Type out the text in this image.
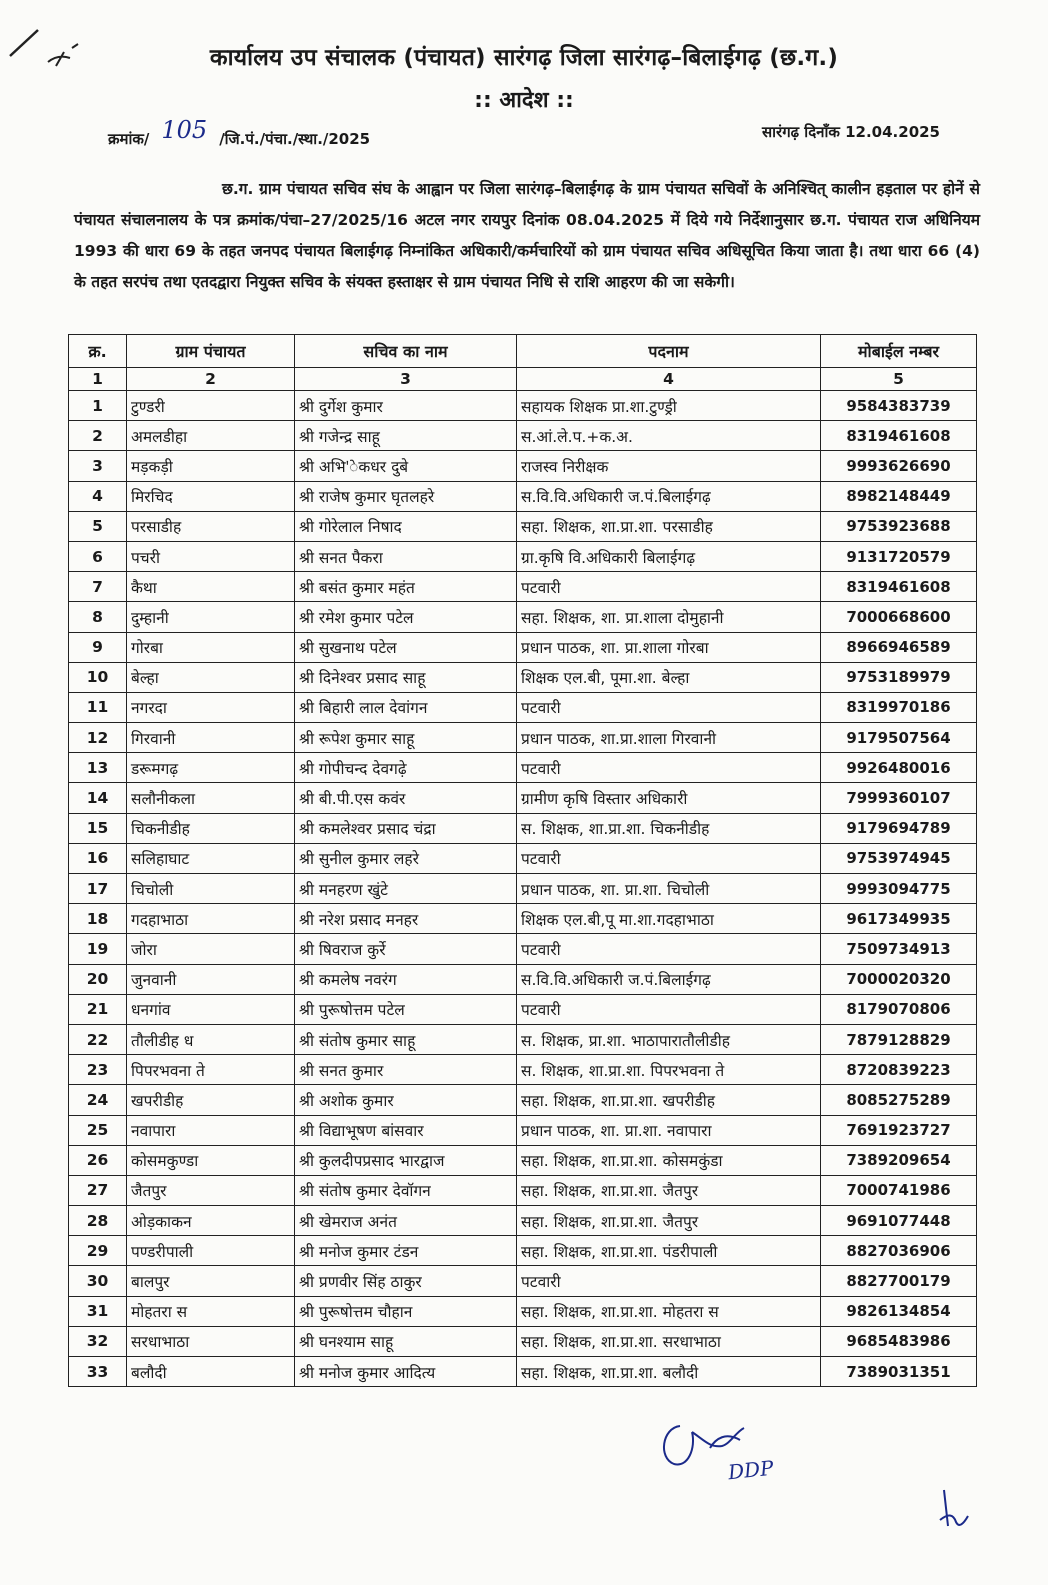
कार्यालय उप संचालक (पंचायत) सारंगढ़ जिला सारंगढ़–बिलाईगढ़ (छ.ग.)
:: आदेश ::
क्रमांक/ 105 /जि.पं./पंचा./स्था./2025	सारंगढ़ दिनाँक 12.04.2025
छ.ग. ग्राम पंचायत सचिव संघ के आह्वान पर जिला सारंगढ़–बिलाईगढ़ के ग्राम पंचायत सचिवों के अनिश्चित् कालीन हड़ताल पर होनें से पंचायत संचालनालय के पत्र क्रमांक/पंचा–27/2025/16 अटल नगर रायपुर दिनांक 08.04.2025 में दिये गये निर्देशानुसार छ.ग. पंचायत राज अधिनियम 1993 की धारा 69 के तहत जनपद पंचायत बिलाईगढ़ निम्नांकित अधिकारी/कर्मचारियों को ग्राम पंचायत सचिव अधिसूचित किया जाता है। तथा धारा 66 (4) के तहत सरपंच तथा एतदद्वारा नियुक्त सचिव के संयक्त हस्ताक्षर से ग्राम पंचायत निधि से राशि आहरण की जा सकेगी।
क्र.	ग्राम पंचायत	सचिव का नाम	पदनाम	मोबाईल नम्बर
1	2	3	4	5
1	टुण्डरी	श्री दुर्गेश कुमार	सहायक शिक्षक प्रा.शा.टुण्ड्री	9584383739
2	अमलडीहा	श्री गजेन्द्र साहू	स.आं.ले.प.+क.अ.	8319461608
3	मड़कड़ी	श्री अभि'ेकधर दुबे	राजस्व निरीक्षक	9993626690
4	मिरचिद	श्री राजेष कुमार घृतलहरे	स.वि.वि.अधिकारी ज.पं.बिलाईगढ़	8982148449
5	परसाडीह	श्री गोरेलाल निषाद	सहा. शिक्षक, शा.प्रा.शा. परसाडीह	9753923688
6	पचरी	श्री सनत पैकरा	ग्रा.कृषि वि.अधिकारी बिलाईगढ़	9131720579
7	कैथा	श्री बसंत कुमार महंत	पटवारी	8319461608
8	दुम्हानी	श्री रमेश कुमार पटेल	सहा. शिक्षक, शा. प्रा.शाला दोमुहानी	7000668600
9	गोरबा	श्री सुखनाथ पटेल	प्रधान पाठक, शा. प्रा.शाला गोरबा	8966946589
10	बेल्हा	श्री दिनेश्वर प्रसाद साहू	शिक्षक एल.बी, पूमा.शा. बेल्हा	9753189979
11	नगरदा	श्री बिहारी लाल देवांगन	पटवारी	8319970186
12	गिरवानी	श्री रूपेश कुमार साहू	प्रधान पाठक, शा.प्रा.शाला गिरवानी	9179507564
13	डरूमगढ़	श्री गोपीचन्द देवगढ़े	पटवारी	9926480016
14	सलौनीकला	श्री बी.पी.एस कवंर	ग्रामीण कृषि विस्तार अधिकारी	7999360107
15	चिकनीडीह	श्री कमलेश्वर प्रसाद चंद्रा	स. शिक्षक, शा.प्रा.शा. चिकनीडीह	9179694789
16	सलिहाघाट	श्री सुनील कुमार लहरे	पटवारी	9753974945
17	चिचोली	श्री मनहरण खुंटे	प्रधान पाठक, शा. प्रा.शा. चिचोली	9993094775
18	गदहाभाठा	श्री नरेश प्रसाद मनहर	शिक्षक एल.बी,पू मा.शा.गदहाभाठा	9617349935
19	जोरा	श्री षिवराज कुर्रे	पटवारी	7509734913
20	जुनवानी	श्री कमलेष नवरंग	स.वि.वि.अधिकारी ज.पं.बिलाईगढ़	7000020320
21	धनगांव	श्री पुरूषोत्तम पटेल	पटवारी	8179070806
22	तौलीडीह ध	श्री संतोष कुमार साहू	स. शिक्षक, प्रा.शा. भाठापारातौलीडीह	7879128829
23	पिपरभवना ते	श्री सनत कुमार	स. शिक्षक, शा.प्रा.शा. पिपरभवना ते	8720839223
24	खपरीडीह	श्री अशोक कुमार	सहा. शिक्षक, शा.प्रा.शा. खपरीडीह	8085275289
25	नवापारा	श्री विद्याभूषण बांसवार	प्रधान पाठक, शा. प्रा.शा. नवापारा	7691923727
26	कोसमकुण्डा	श्री कुलदीपप्रसाद भारद्वाज	सहा. शिक्षक, शा.प्रा.शा. कोसमकुंडा	7389209654
27	जैतपुर	श्री संतोष कुमार देवॉगन	सहा. शिक्षक, शा.प्रा.शा. जैतपुर	7000741986
28	ओड़काकन	श्री खेमराज अनंत	सहा. शिक्षक, शा.प्रा.शा. जैतपुर	9691077448
29	पण्डरीपाली	श्री मनोज कुमार टंडन	सहा. शिक्षक, शा.प्रा.शा. पंडरीपाली	8827036906
30	बालपुर	श्री प्रणवीर सिंह ठाकुर	पटवारी	8827700179
31	मोहतरा स	श्री पुरूषोत्तम चौहान	सहा. शिक्षक, शा.प्रा.शा. मोहतरा स	9826134854
32	सरधाभाठा	श्री घनश्याम साहू	सहा. शिक्षक, शा.प्रा.शा. सरधाभाठा	9685483986
33	बलौदी	श्री मनोज कुमार आदित्य	सहा. शिक्षक, शा.प्रा.शा. बलौदी	7389031351
DDP
